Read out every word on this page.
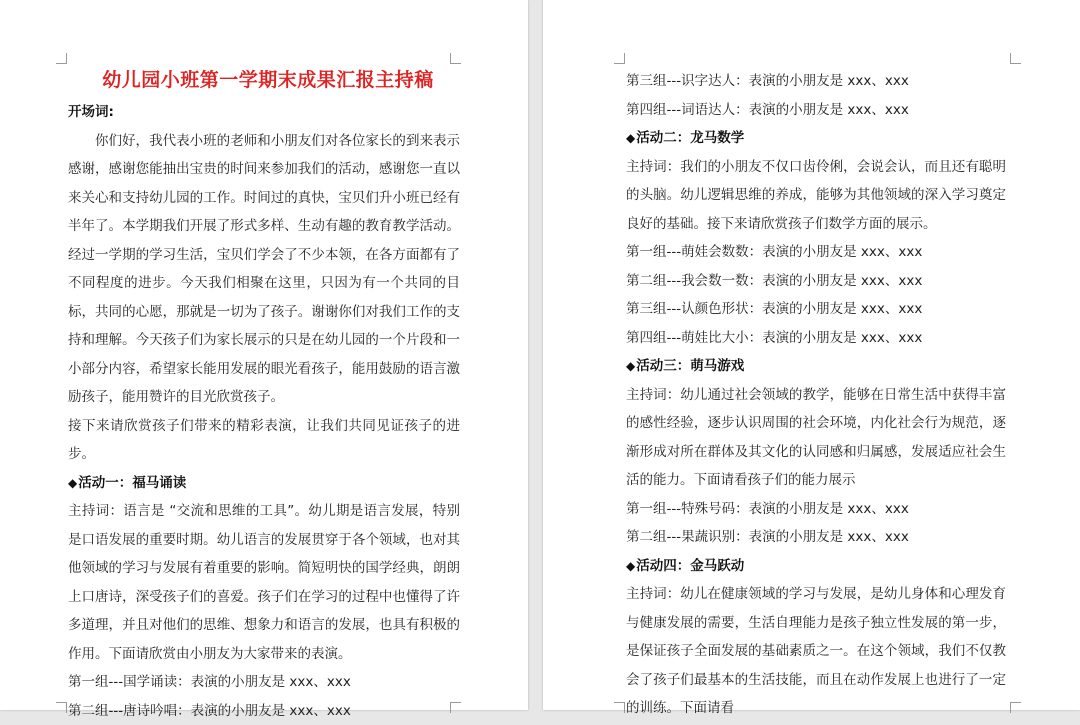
幼儿园小班第一学期末成果汇报主持稿
开场词:
你们好，我代表小班的老师和小朋友们对各位家长的到来表示感谢，感谢您能抽出宝贵的时间来参加我们的活动，感谢您一直以来关心和支持幼儿园的工作。时间过的真快，宝贝们升小班已经有半年了。本学期我们开展了形式多样、生动有趣的教育教学活动。经过一学期的学习生活，宝贝们学会了不少本领，在各方面都有了不同程度的进步。今天我们相聚在这里，只因为有一个共同的目标，共同的心愿，那就是一切为了孩子。谢谢你们对我们工作的支持和理解。今天孩子们为家长展示的只是在幼儿园的一个片段和一小部分内容，希望家长能用发展的眼光看孩子，能用鼓励的语言激励孩子，能用赞许的目光欣赏孩子。
接下来请欣赏孩子们带来的精彩表演，让我们共同见证孩子的进步。
◆活动一：福马诵读
主持词：语言是 “交流和思维的工具”。幼儿期是语言发展，特别是口语发展的重要时期。幼儿语言的发展贯穿于各个领域，也对其他领域的学习与发展有着重要的影响。简短明快的国学经典，朗朗上口唐诗，深受孩子们的喜爱。孩子们在学习的过程中也懂得了许多道理，并且对他们的思维、想象力和语言的发展，也具有积极的作用。下面请欣赏由小朋友为大家带来的表演。
第一组---国学诵读：表演的小朋友是 xxx、xxx
第二组---唐诗吟唱：表演的小朋友是 xxx、xxx
第三组---识字达人：表演的小朋友是 xxx、xxx
第四组---词语达人：表演的小朋友是 xxx、xxx
◆活动二：龙马数学
主持词：我们的小朋友不仅口齿伶俐，会说会认，而且还有聪明的头脑。幼儿逻辑思维的养成，能够为其他领域的深入学习奠定良好的基础。接下来请欣赏孩子们数学方面的展示。
第一组---萌娃会数数：表演的小朋友是 xxx、xxx
第二组---我会数一数：表演的小朋友是 xxx、xxx
第三组---认颜色形状：表演的小朋友是 xxx、xxx
第四组---萌娃比大小：表演的小朋友是 xxx、xxx
◆活动三：萌马游戏
主持词：幼儿通过社会领域的教学，能够在日常生活中获得丰富的感性经验，逐步认识周围的社会环境，内化社会行为规范，逐渐形成对所在群体及其文化的认同感和归属感，发展适应社会生活的能力。下面请看孩子们的能力展示
第一组---特殊号码：表演的小朋友是 xxx、xxx
第二组---果蔬识别：表演的小朋友是 xxx、xxx
◆活动四：金马跃动
主持词：幼儿在健康领域的学习与发展，是幼儿身体和心理发育与健康发展的需要，生活自理能力是孩子独立性发展的第一步，是保证孩子全面发展的基础素质之一。在这个领域，我们不仅教会了孩子们最基本的生活技能，而且在动作发展上也进行了一定的训练。下面请看
